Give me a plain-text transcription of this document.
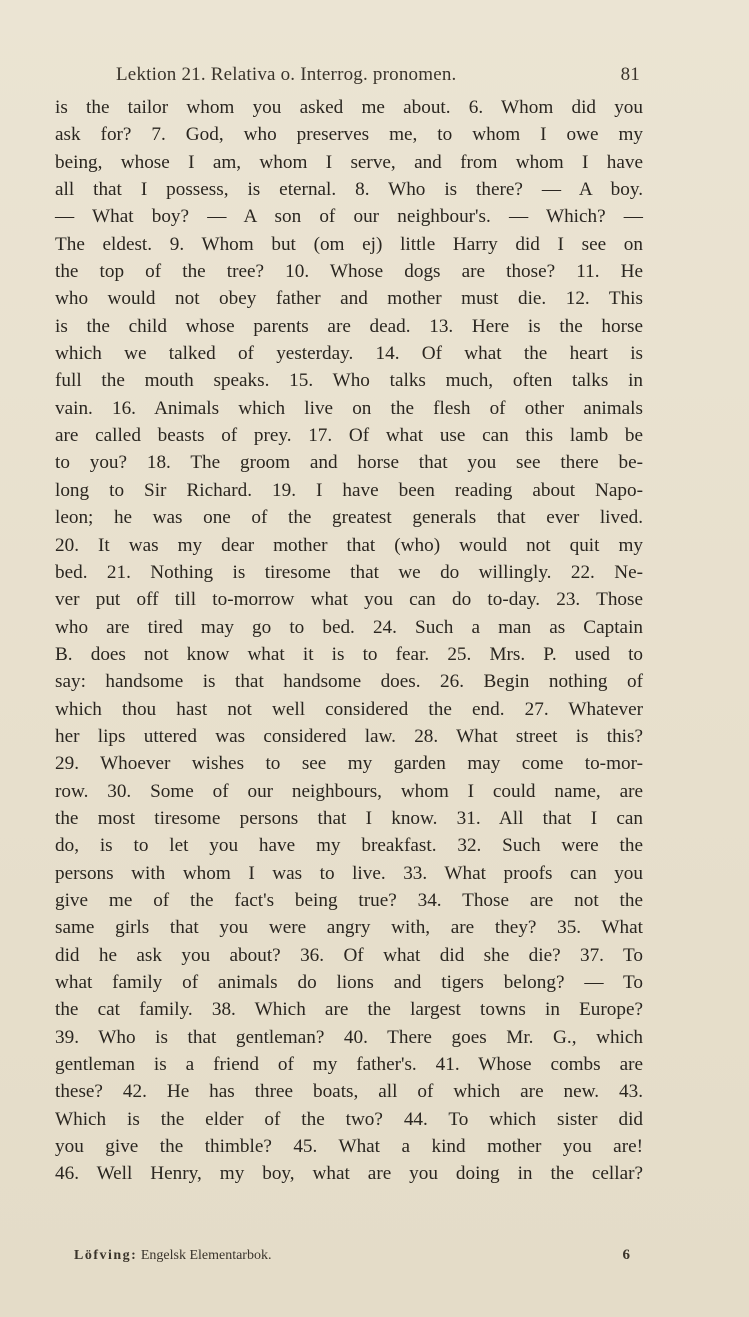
Lektion 21. Relativa o. Interrog. pronomen.	81
is the tailor whom you asked me about. 6. Whom did you
ask for? 7. God, who preserves me, to whom I owe my
being, whose I am, whom I serve, and from whom I have
all that I possess, is eternal. 8. Who is there? — A boy.
— What boy? — A son of our neighbour's. — Which? —
The eldest. 9. Whom but (om ej) little Harry did I see on
the top of the tree? 10. Whose dogs are those? 11. He
who would not obey father and mother must die. 12. This
is the child whose parents are dead. 13. Here is the horse
which we talked of yesterday. 14. Of what the heart is
full the mouth speaks. 15. Who talks much, often talks in
vain. 16. Animals which live on the flesh of other animals
are called beasts of prey. 17. Of what use can this lamb be
to you? 18. The groom and horse that you see there be-
long to Sir Richard. 19. I have been reading about Napo-
leon; he was one of the greatest generals that ever lived.
20. It was my dear mother that (who) would not quit my
bed. 21. Nothing is tiresome that we do willingly. 22. Ne-
ver put off till to-morrow what you can do to-day. 23. Those
who are tired may go to bed. 24. Such a man as Captain
B. does not know what it is to fear. 25. Mrs. P. used to
say: handsome is that handsome does. 26. Begin nothing of
which thou hast not well considered the end. 27. Whatever
her lips uttered was considered law. 28. What street is this?
29. Whoever wishes to see my garden may come to-mor-
row. 30. Some of our neighbours, whom I could name, are
the most tiresome persons that I know. 31. All that I can
do, is to let you have my breakfast. 32. Such were the
persons with whom I was to live. 33. What proofs can you
give me of the fact's being true? 34. Those are not the
same girls that you were angry with, are they? 35. What
did he ask you about? 36. Of what did she die? 37. To
what family of animals do lions and tigers belong? — To
the cat family. 38. Which are the largest towns in Europe?
39. Who is that gentleman? 40. There goes Mr. G., which
gentleman is a friend of my father's. 41. Whose combs are
these? 42. He has three boats, all of which are new. 43.
Which is the elder of the two? 44. To which sister did
you give the thimble? 45. What a kind mother you are!
46. Well Henry, my boy, what are you doing in the cellar?
Löfving: Engelsk Elementarbok.	6
